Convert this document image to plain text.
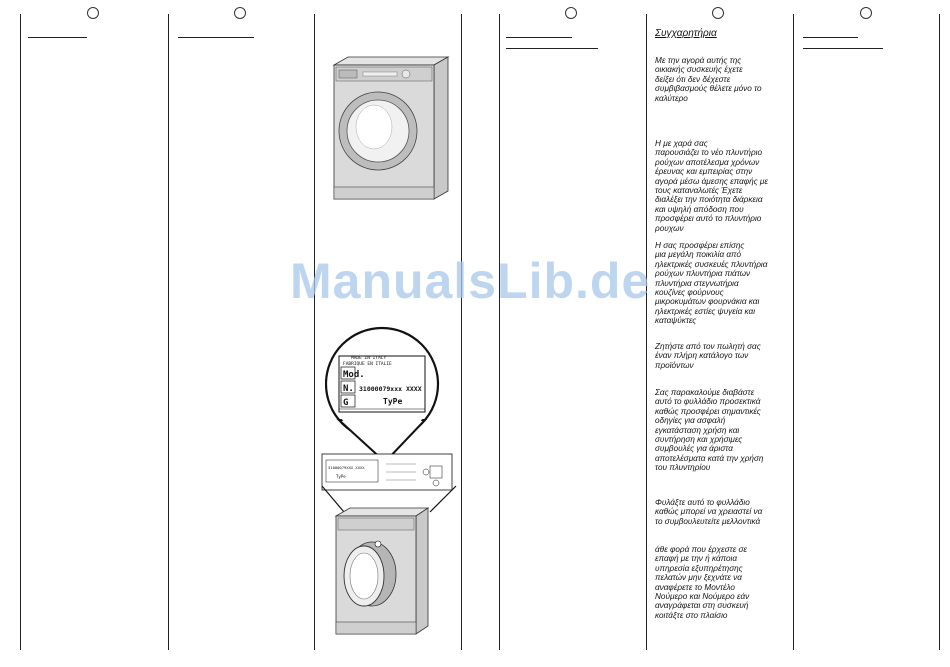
Συγχαρητήρια
Με την αγορά αυτής της
οικιακής συσκευής έχετε
δείξει ότι δεν δέχεστε
συμβιβασμούς θέλετε μόνο το
καλύτερο
Η με χαρά σας
παρουσιάζει το νέο πλυντήριο
ρούχων αποτέλεσμα χρόνων
έρευνας και εμπειρίας στην
αγορά μέσω άμεσης επαφής με
τους καταναλωτές Έχετε
διαλέξει την ποιότητα διάρκεια
και υψηλή απόδοση που
προσφέρει αυτό το πλυντήριο
ρουχων
Η σας προσφέρει επίσης
μια μεγάλη ποικιλία από
ηλεκτρικές συσκευές πλυντήρια
ρούχων πλυντήρια πιάτων
πλυντήρια στεγνωτήρια
κουζίνες φούρνους
μικροκυμάτων φουρνάκια και
ηλεκτρικές εστίες ψυγεία και
καταψύκτες
Ζητήστε από τον πωλητή σας
έναν πλήρη κατάλογο των
προϊόντων
Σας παρακαλούμε διαβάστε
αυτό το φυλλάδιο προσεκτικά
καθώς προσφέρει σημαντικές
οδηγίες για ασφαλή
εγκατάσταση χρήση και
συντήρηση και χρήσιμες
συμβουλές για άριστα
αποτελέσματα κατά την χρήση
του πλυντηρίου
Φυλάξτε αυτό το φυλλάδιο
καθώς μπορεί να χρειαστεί να
το συμβουλευτείτε μελλοντικά
άθε φορά που έρχεστε σε
επαφή με την ή κάποια
υπηρεσία εξυπηρέτησης
πελατών μην ξεχνάτε να
αναφέρετε το Μοντέλο
Νούμερο και Νούμερο εάν
αναγράφεται στη συσκευή
κοιτάξτε στο πλαίσιο
ManualsLib.de
MADE IN ITALY
FABRIQUE EN ITALIE
Mod.
N. 31000079xxx XXXX
G	TyPe
31000079XXX XXXX
TyPe
